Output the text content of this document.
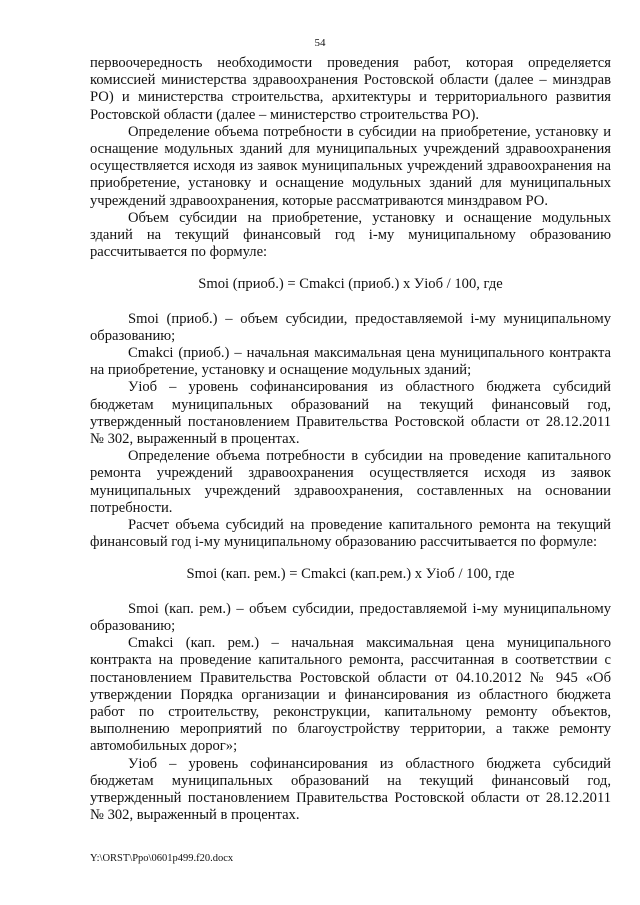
54

первоочередность необходимости проведения работ, которая определяется комиссией министерства здравоохранения Ростовской области (далее – минздрав РО) и министерства строительства, архитектуры и территориального развития Ростовской области (далее – министерство строительства РО).

Определение объема потребности в субсидии на приобретение, установку и оснащение модульных зданий для муниципальных учреждений здравоохранения осуществляется исходя из заявок муниципальных учреждений здравоохранения на приобретение, установку и оснащение модульных зданий для муниципальных учреждений здравоохранения, которые рассматриваются минздравом РО.

Объем субсидии на приобретение, установку и оснащение модульных зданий на текущий финансовый год i-му муниципальному образованию рассчитывается по формуле:

Smoi (приоб.) = Cmakci (приоб.) x Уioб / 100, где

Smoi (приоб.) – объем субсидии, предоставляемой i-му муниципальному образованию;

Cmakci (приоб.) – начальная максимальная цена муниципального контракта на приобретение, установку и оснащение модульных зданий;

Уioб – уровень софинансирования из областного бюджета субсидий бюджетам муниципальных образований на текущий финансовый год, утвержденный постановлением Правительства Ростовской области от 28.12.2011 № 302, выраженный в процентах.

Определение объема потребности в субсидии на проведение капитального ремонта учреждений здравоохранения осуществляется исходя из заявок муниципальных учреждений здравоохранения, составленных на основании потребности.

Расчет объема субсидий на проведение капитального ремонта на текущий финансовый год i-му муниципальному образованию рассчитывается по формуле:

Smoi (кап. рем.) = Cmakci (кап.рем.) x Уioб / 100, где

Smoi (кап. рем.) – объем субсидии, предоставляемой i-му муниципальному образованию;

Cmakci (кап. рем.) – начальная максимальная цена муниципального контракта на проведение капитального ремонта, рассчитанная в соответствии с постановлением Правительства Ростовской области от 04.10.2012 № 945 «Об утверждении Порядка организации и финансирования из областного бюджета работ по строительству, реконструкции, капитальному ремонту объектов, выполнению мероприятий по благоустройству территории, а также ремонту автомобильных дорог»;

Уioб – уровень софинансирования из областного бюджета субсидий бюджетам муниципальных образований на текущий финансовый год, утвержденный постановлением Правительства Ростовской области от 28.12.2011 № 302, выраженный в процентах.

Y:\ORST\Ppo\0601p499.f20.docx
